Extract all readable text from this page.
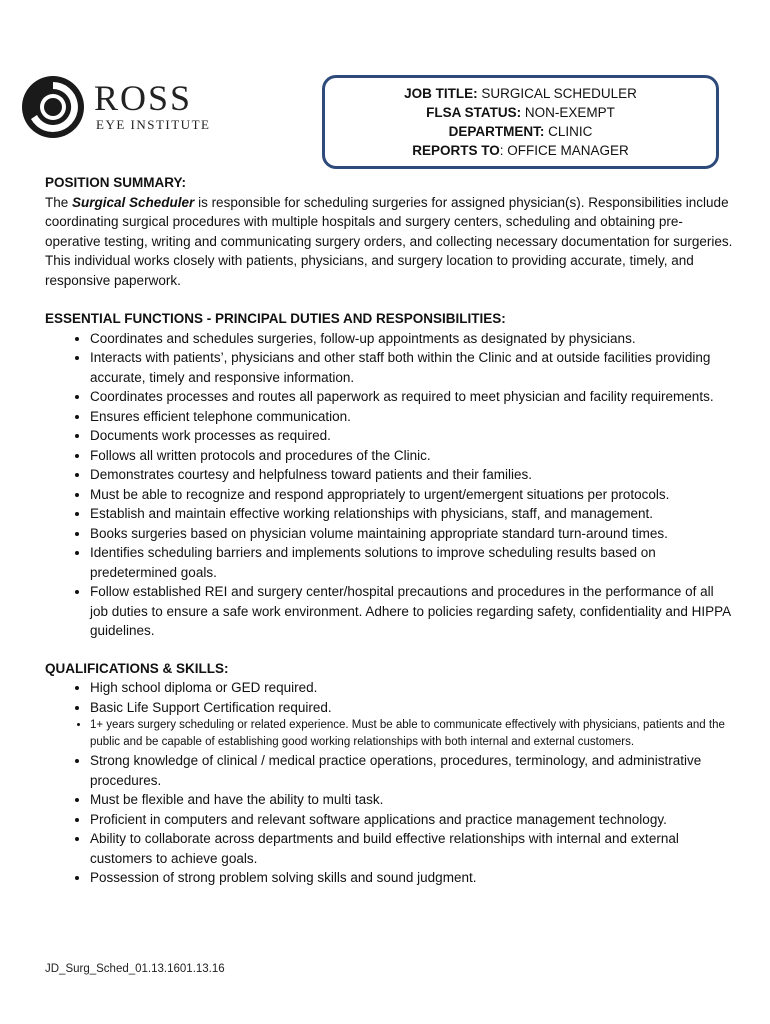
ROSS
EYE INSTITUTE
JOB TITLE: SURGICAL SCHEDULER
FLSA STATUS: NON-EXEMPT
DEPARTMENT: CLINIC
REPORTS TO: OFFICE MANAGER

POSITION SUMMARY:

The Surgical Scheduler is responsible for scheduling surgeries for assigned physician(s). Responsibilities include coordinating surgical procedures with multiple hospitals and surgery centers, scheduling and obtaining pre-operative testing, writing and communicating surgery orders, and collecting necessary documentation for surgeries. This individual works closely with patients, physicians, and surgery location to providing accurate, timely, and responsive paperwork.

ESSENTIAL FUNCTIONS - PRINCIPAL DUTIES AND RESPONSIBILITIES:

• Coordinates and schedules surgeries, follow-up appointments as designated by physicians.
• Interacts with patients’, physicians and other staff both within the Clinic and at outside facilities providing accurate, timely and responsive information.
• Coordinates processes and routes all paperwork as required to meet physician and facility requirements.
• Ensures efficient telephone communication.
• Documents work processes as required.
• Follows all written protocols and procedures of the Clinic.
• Demonstrates courtesy and helpfulness toward patients and their families.
• Must be able to recognize and respond appropriately to urgent/emergent situations per protocols.
• Establish and maintain effective working relationships with physicians, staff, and management.
• Books surgeries based on physician volume maintaining appropriate standard turn-around times.
• Identifies scheduling barriers and implements solutions to improve scheduling results based on predetermined goals.
• Follow established REI and surgery center/hospital precautions and procedures in the performance of all job duties to ensure a safe work environment. Adhere to policies regarding safety, confidentiality and HIPPA guidelines.

QUALIFICATIONS & SKILLS:

• High school diploma or GED required.
• Basic Life Support Certification required.
• 1+ years surgery scheduling or related experience. Must be able to communicate effectively with physicians, patients and the public and be capable of establishing good working relationships with both internal and external customers.
• Strong knowledge of clinical / medical practice operations, procedures, terminology, and administrative procedures.
• Must be flexible and have the ability to multi task.
• Proficient in computers and relevant software applications and practice management technology.
• Ability to collaborate across departments and build effective relationships with internal and external customers to achieve goals.
• Possession of strong problem solving skills and sound judgment.
JD_Surg_Sched_01.13.1601.13.16
